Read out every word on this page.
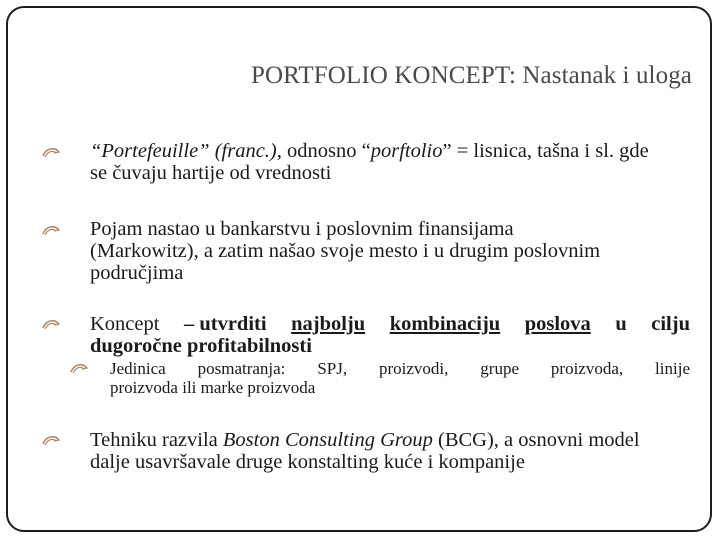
PORTFOLIO KONCEPT: Nastanak i uloga
“Portefeuille” (franc.), odnosno “porftolio” = lisnica, tašna i sl. gde
se čuvaju hartije od vrednosti
Pojam nastao u bankarstvu i poslovnim finansijama
(Markowitz), a zatim našao svoje mesto i u drugim poslovnim
područjima
Koncept – utvrditi najbolju kombinaciju poslova u cilju
dugoročne profitabilnosti
Jedinica posmatranja: SPJ, proizvodi, grupe proizvoda, linije
proizvoda ili marke proizvoda
Tehniku razvila Boston Consulting Group (BCG), a osnovni model
dalje usavršavale druge konstalting kuće i kompanije
